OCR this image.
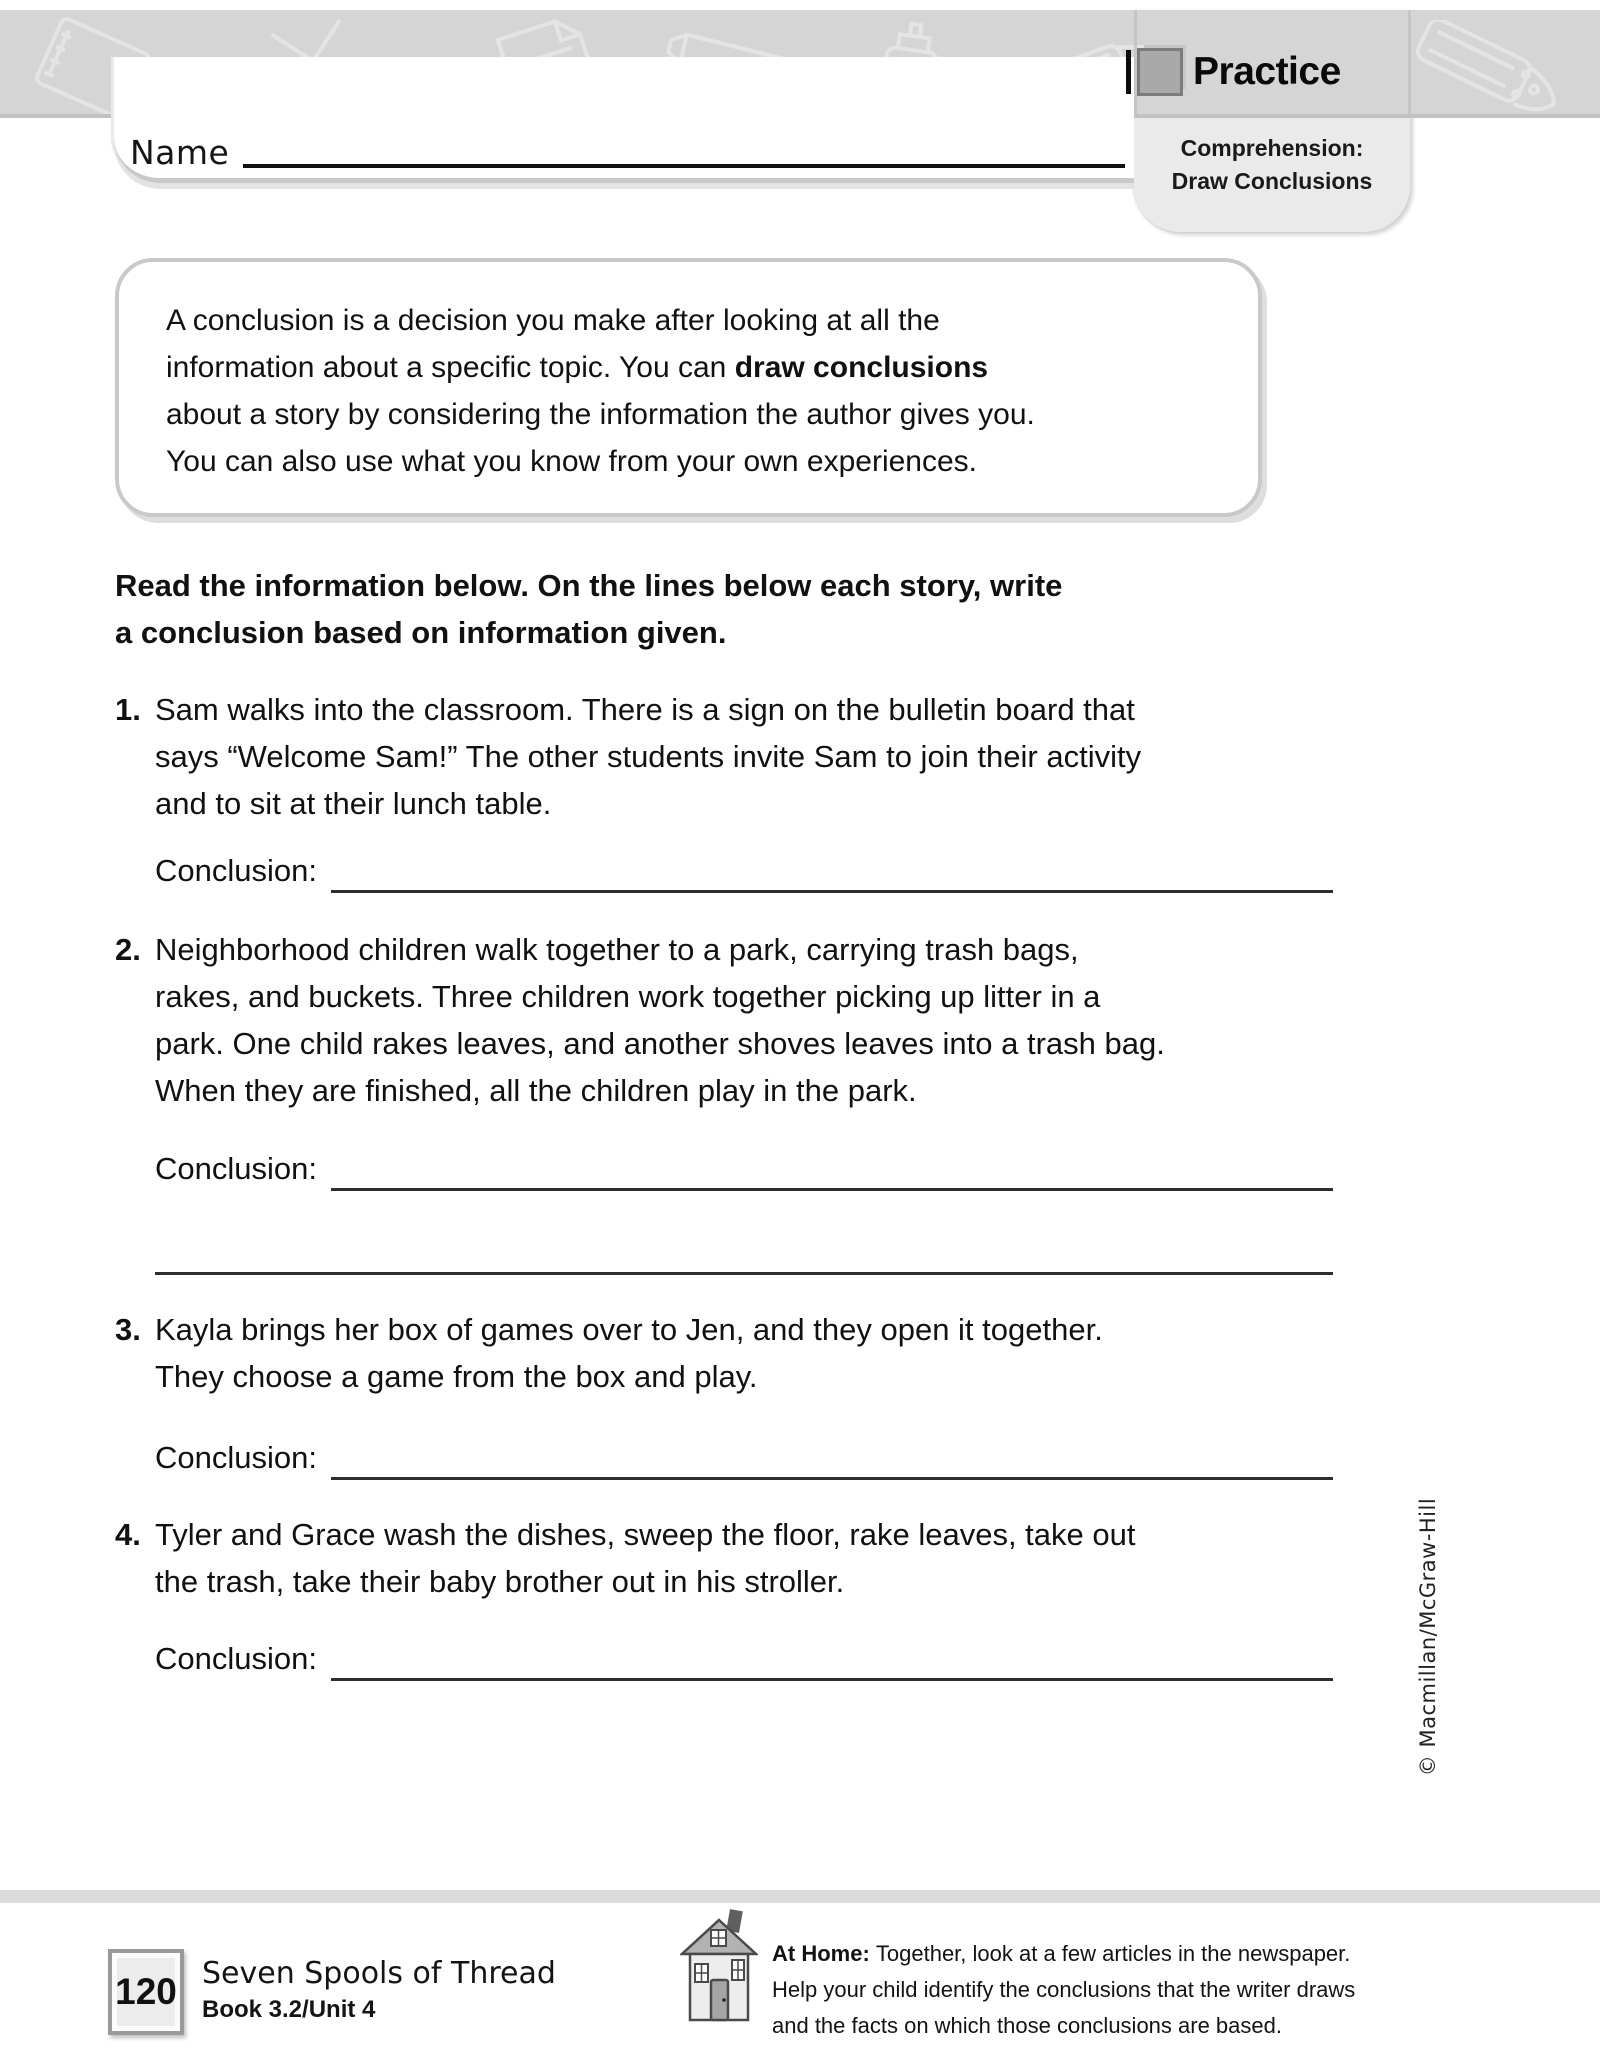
Name
Practice
Comprehension:
Draw Conclusions
A conclusion is a decision you make after looking at all the
information about a specific topic. You can draw conclusions
about a story by considering the information the author gives you.
You can also use what you know from your own experiences.
Read the information below. On the lines below each story, write
a conclusion based on information given.
1. Sam walks into the classroom. There is a sign on the bulletin board that
says “Welcome Sam!” The other students invite Sam to join their activity
and to sit at their lunch table.
Conclusion:
2. Neighborhood children walk together to a park, carrying trash bags,
rakes, and buckets. Three children work together picking up litter in a
park. One child rakes leaves, and another shoves leaves into a trash bag.
When they are finished, all the children play in the park.
Conclusion:
3. Kayla brings her box of games over to Jen, and they open it together.
They choose a game from the box and play.
Conclusion:
4. Tyler and Grace wash the dishes, sweep the floor, rake leaves, take out
the trash, take their baby brother out in his stroller.
Conclusion:	© Macmillan/McGraw-Hill
120 Seven Spools of Thread
Book 3.2/Unit 4
At Home: Together, look at a few articles in the newspaper. Help your child identify the conclusions that the writer draws and the facts on which those conclusions are based.
